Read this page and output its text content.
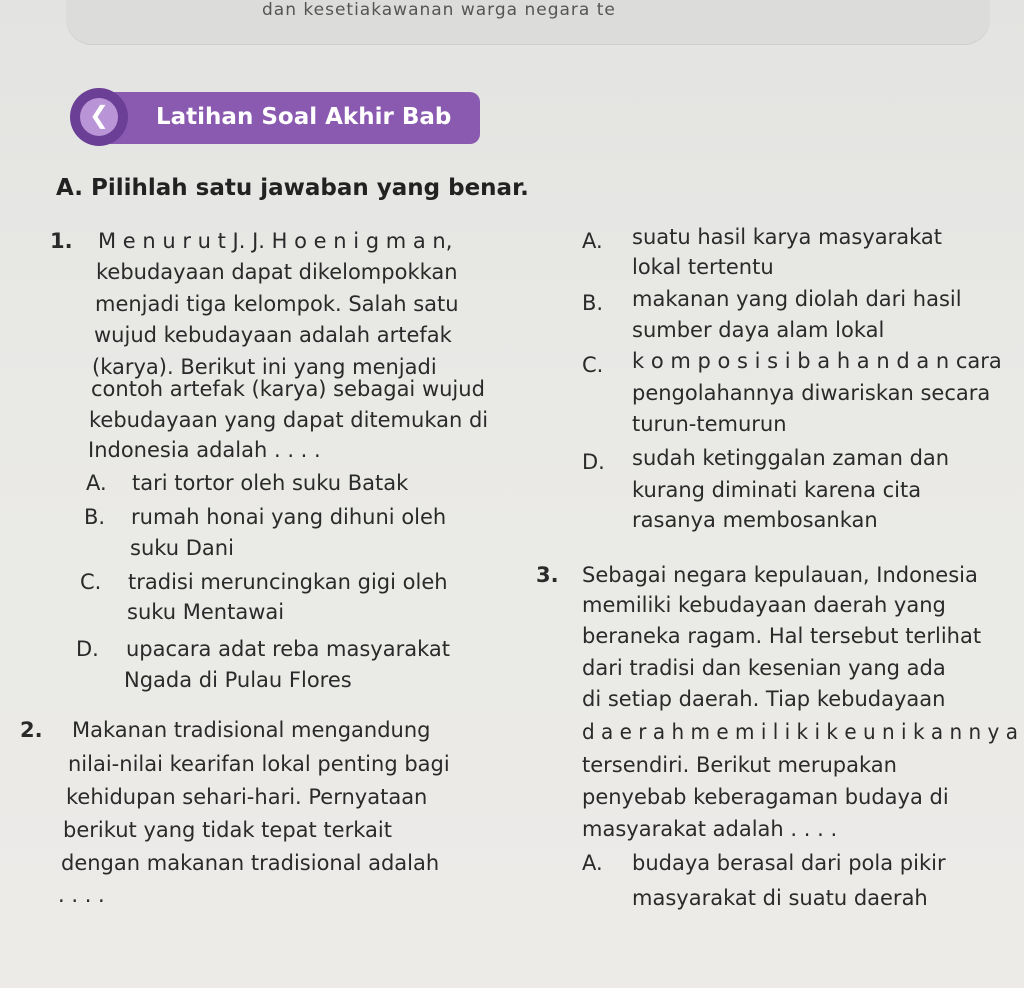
dan kesetiakawanan warga negara te
❮ Latihan Soal Akhir Bab
A. Pilihlah satu jawaban yang benar.
1. M e n u r u t J. J. H o e n i g m a n,
kebudayaan dapat dikelompokkan
menjadi tiga kelompok. Salah satu
wujud kebudayaan adalah artefak
(karya). Berikut ini yang menjadi
contoh artefak (karya) sebagai wujud
kebudayaan yang dapat ditemukan di
Indonesia adalah . . . .
A. tari tortor oleh suku Batak
B. rumah honai yang dihuni oleh
suku Dani
C. tradisi meruncingkan gigi oleh
suku Mentawai
D. upacara adat reba masyarakat
Ngada di Pulau Flores
2. Makanan tradisional mengandung
nilai-nilai kearifan lokal penting bagi
kehidupan sehari-hari. Pernyataan
berikut yang tidak tepat terkait
dengan makanan tradisional adalah
. . . .
A. suatu hasil karya masyarakat
lokal tertentu
B. makanan yang diolah dari hasil
sumber daya alam lokal
C. k o m p o s i s i b a h a n d a n cara
pengolahannya diwariskan secara
turun-temurun
D. sudah ketinggalan zaman dan
kurang diminati karena cita
rasanya membosankan
3. Sebagai negara kepulauan, Indonesia
memiliki kebudayaan daerah yang
beraneka ragam. Hal tersebut terlihat
dari tradisi dan kesenian yang ada
di setiap daerah. Tiap kebudayaan
d a e r a h m e m i l i k i k e u n i k a n n y a
tersendiri. Berikut merupakan
penyebab keberagaman budaya di
masyarakat adalah . . . .
A. budaya berasal dari pola pikir
masyarakat di suatu daerah
